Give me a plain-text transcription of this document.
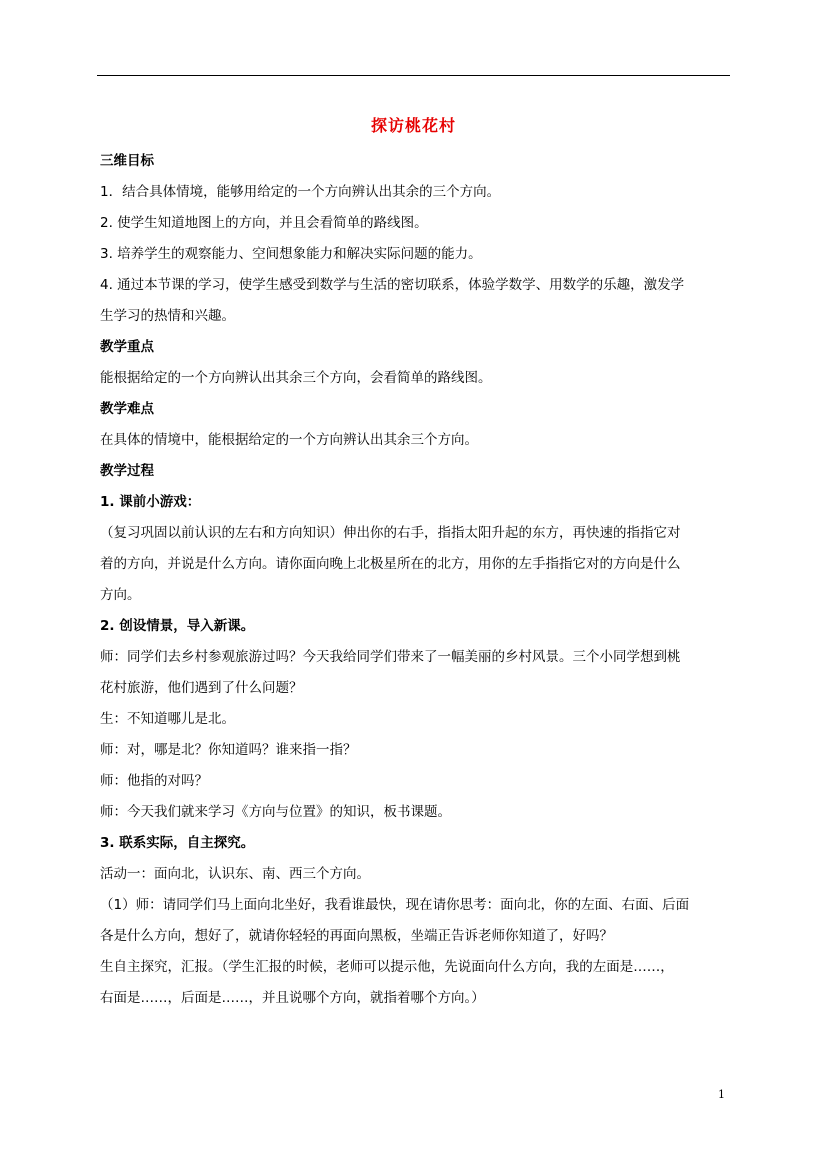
探访桃花村

三维目标

1．结合具体情境，能够用给定的一个方向辨认出其余的三个方向。

2. 使学生知道地图上的方向，并且会看简单的路线图。

3. 培养学生的观察能力、空间想象能力和解决实际问题的能力。

4. 通过本节课的学习，使学生感受到数学与生活的密切联系，体验学数学、用数学的乐趣，激发学

生学习的热情和兴趣。

教学重点

能根据给定的一个方向辨认出其余三个方向，会看简单的路线图。

教学难点

在具体的情境中，能根据给定的一个方向辨认出其余三个方向。

教学过程

1. 课前小游戏：

（复习巩固以前认识的左右和方向知识）伸出你的右手，指指太阳升起的东方，再快速的指指它对

着的方向，并说是什么方向。请你面向晚上北极星所在的北方，用你的左手指指它对的方向是什么

方向。

2. 创设情景，导入新课。

师：同学们去乡村参观旅游过吗？今天我给同学们带来了一幅美丽的乡村风景。三个小同学想到桃

花村旅游，他们遇到了什么问题？

生：不知道哪儿是北。

师：对，哪是北？你知道吗？谁来指一指？

师：他指的对吗？

师：今天我们就来学习《方向与位置》的知识，板书课题。

3. 联系实际，自主探究。

活动一：面向北，认识东、南、西三个方向。

（1）师：请同学们马上面向北坐好，我看谁最快，现在请你思考：面向北，你的左面、右面、后面

各是什么方向，想好了，就请你轻轻的再面向黑板，坐端正告诉老师你知道了，好吗？

生自主探究，汇报。（学生汇报的时候，老师可以提示他，先说面向什么方向，我的左面是……，

右面是……，后面是……，并且说哪个方向，就指着哪个方向。）

1
